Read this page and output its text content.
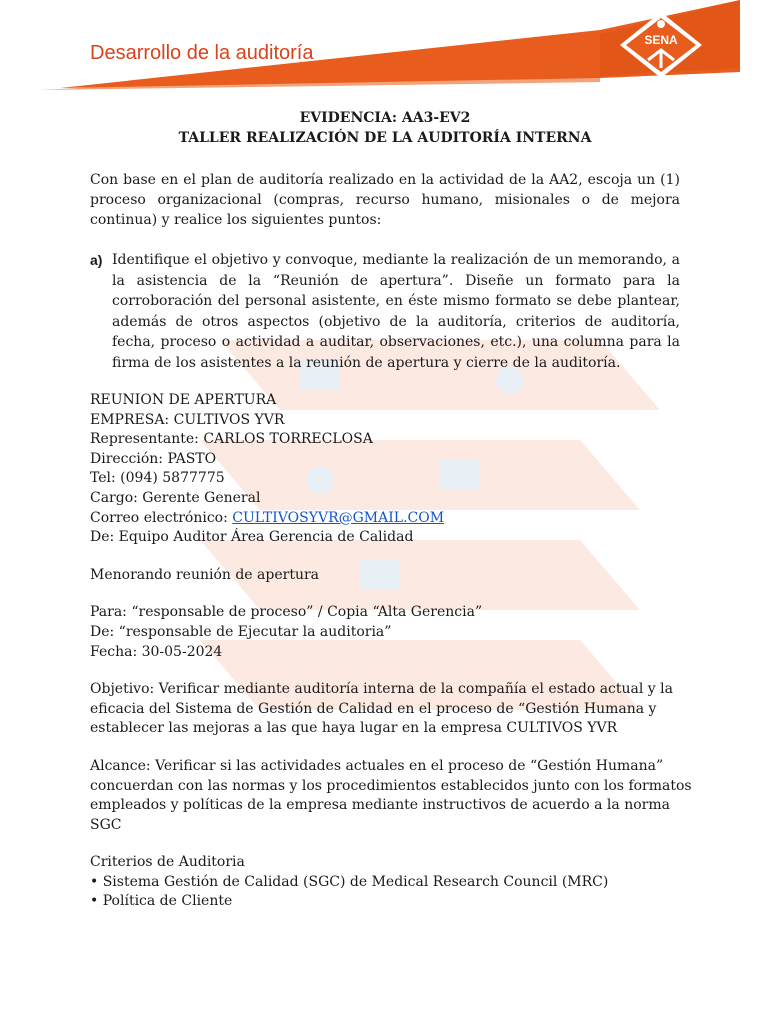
Desarrollo de la auditoría
SENA
EVIDENCIA: AA3-EV2
TALLER REALIZACIÓN DE LA AUDITORÍA INTERNA

Con base en el plan de auditoría realizado en la actividad de la AA2, escoja un (1) proceso organizacional (compras, recurso humano, misionales o de mejora continua) y realice los siguientes puntos:

a) Identifique el objetivo y convoque, mediante la realización de un memorando, a la asistencia de la “Reunión de apertura”. Diseñe un formato para la corroboración del personal asistente, en éste mismo formato se debe plantear, además de otros aspectos (objetivo de la auditoría, criterios de auditoría, fecha, proceso o actividad a auditar, observaciones, etc.), una columna para la firma de los asistentes a la reunión de apertura y cierre de la auditoría.
REUNION DE APERTURA
EMPRESA: CULTIVOS YVR
Representante: CARLOS TORRECLOSA
Dirección: PASTO
Tel: (094) 5877775
Cargo: Gerente General
Correo electrónico: CULTIVOSYVR@GMAIL.COM
De: Equipo Auditor Área Gerencia de Calidad
Menorando reunión de apertura
Para: “responsable de proceso” / Copia “Alta Gerencia”
De: “responsable de Ejecutar la auditoria”
Fecha: 30-05-2024
Objetivo: Verificar mediante auditoría interna de la compañía el estado actual y la
eficacia del Sistema de Gestión de Calidad en el proceso de “Gestión Humana y
establecer las mejoras a las que haya lugar en la empresa CULTIVOS YVR
Alcance: Verificar si las actividades actuales en el proceso de “Gestión Humana”
concuerdan con las normas y los procedimientos establecidos junto con los formatos
empleados y políticas de la empresa mediante instructivos de acuerdo a la norma
SGC
Criterios de Auditoria
• Sistema Gestión de Calidad (SGC) de Medical Research Council (MRC)
• Política de Cliente
